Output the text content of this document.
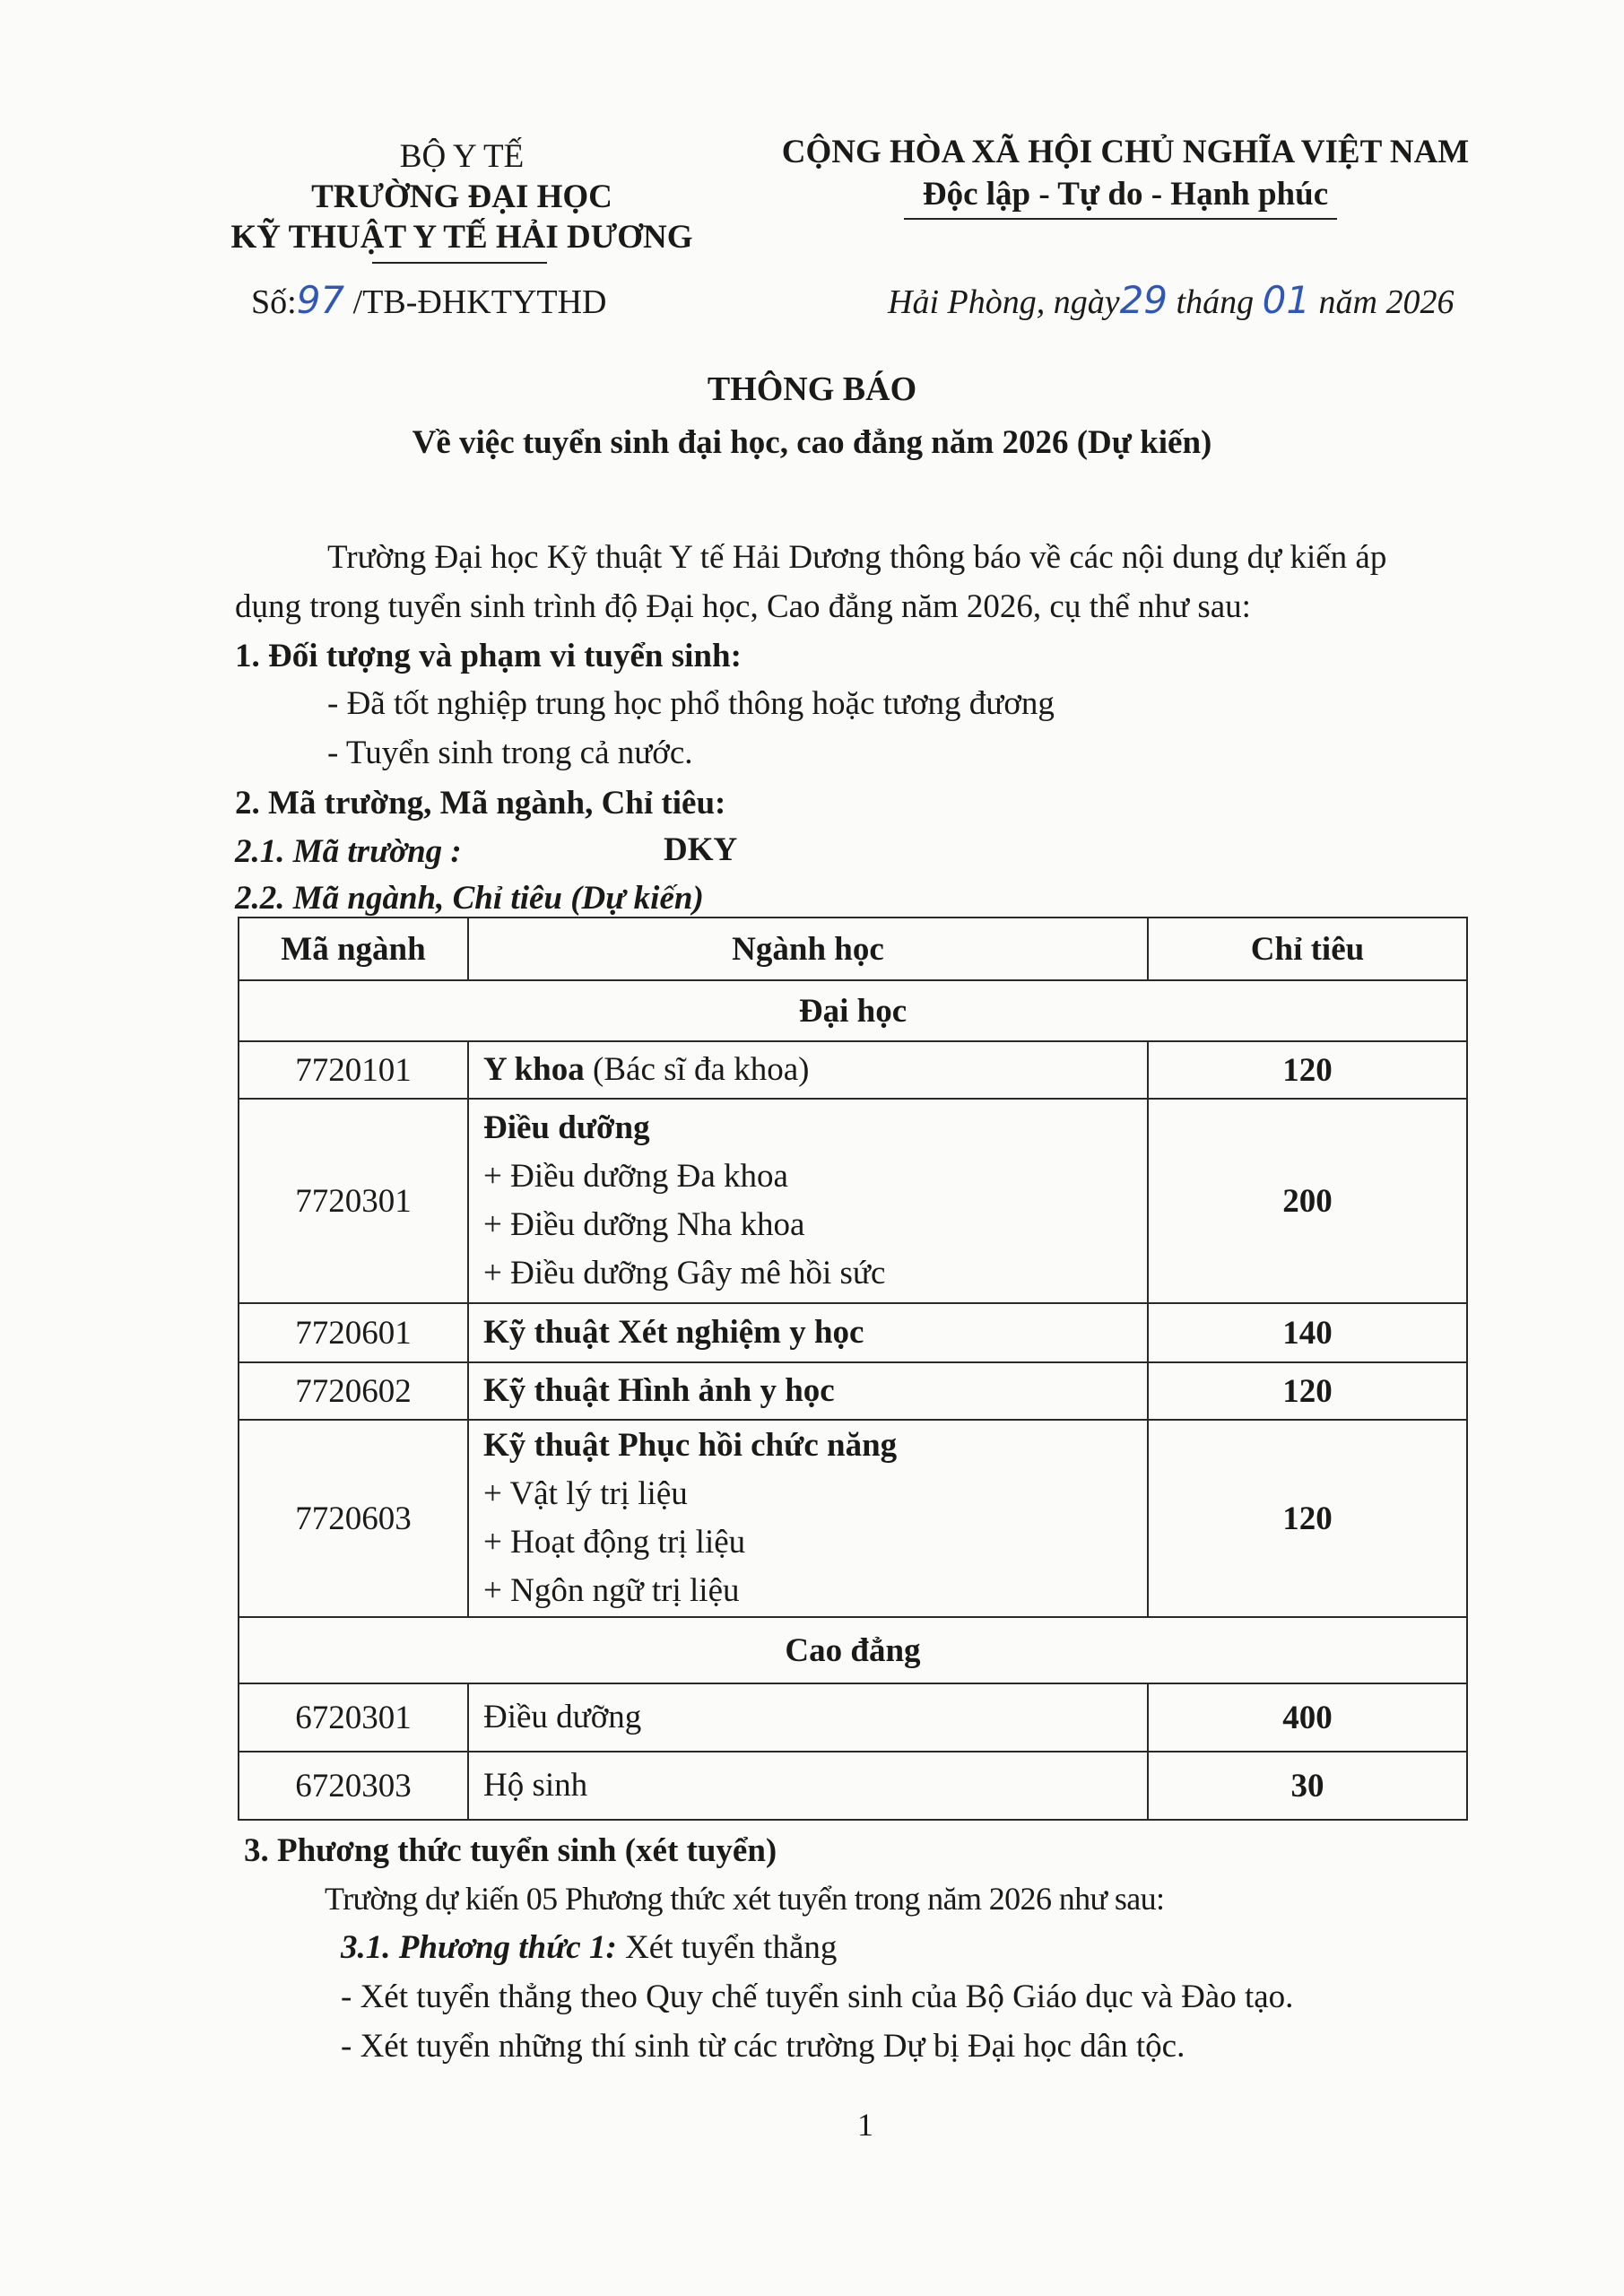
BỘ Y TẾ
TRƯỜNG ĐẠI HỌC
KỸ THUẬT Y TẾ HẢI DƯƠNG
Số:97 /TB-ĐHKTYTHD
CỘNG HÒA XÃ HỘI CHỦ NGHĨA VIỆT NAM
Độc lập - Tự do - Hạnh phúc
Hải Phòng, ngày29 tháng 01 năm 2026
THÔNG BÁO
Về việc tuyển sinh đại học, cao đẳng năm 2026 (Dự kiến)
Trường Đại học Kỹ thuật Y tế Hải Dương thông báo về các nội dung dự kiến áp
dụng trong tuyển sinh trình độ Đại học, Cao đẳng năm 2026, cụ thể như sau:
1. Đối tượng và phạm vi tuyển sinh:
- Đã tốt nghiệp trung học phổ thông hoặc tương đương
- Tuyển sinh trong cả nước.
2. Mã trường, Mã ngành, Chỉ tiêu:
2.1. Mã trường :	DKY
2.2. Mã ngành, Chỉ tiêu (Dự kiến)
Mã ngành	Ngành học	Chỉ tiêu
Đại học		
7720101	Y khoa (Bác sĩ đa khoa)	120
7720301	Điều dưỡng
+ Điều dưỡng Đa khoa
+ Điều dưỡng Nha khoa
+ Điều dưỡng Gây mê hồi sức	200
7720601	Kỹ thuật Xét nghiệm y học	140
7720602	Kỹ thuật Hình ảnh y học	120
7720603	Kỹ thuật Phục hồi chức năng
+ Vật lý trị liệu
+ Hoạt động trị liệu
+ Ngôn ngữ trị liệu	120
Cao đẳng		
6720301	Điều dưỡng	400
6720303	Hộ sinh	30
3. Phương thức tuyển sinh (xét tuyển)
Trường dự kiến 05 Phương thức xét tuyển trong năm 2026 như sau:
3.1. Phương thức 1: Xét tuyển thẳng
- Xét tuyển thẳng theo Quy chế tuyển sinh của Bộ Giáo dục và Đào tạo.
- Xét tuyển những thí sinh từ các trường Dự bị Đại học dân tộc.
1
